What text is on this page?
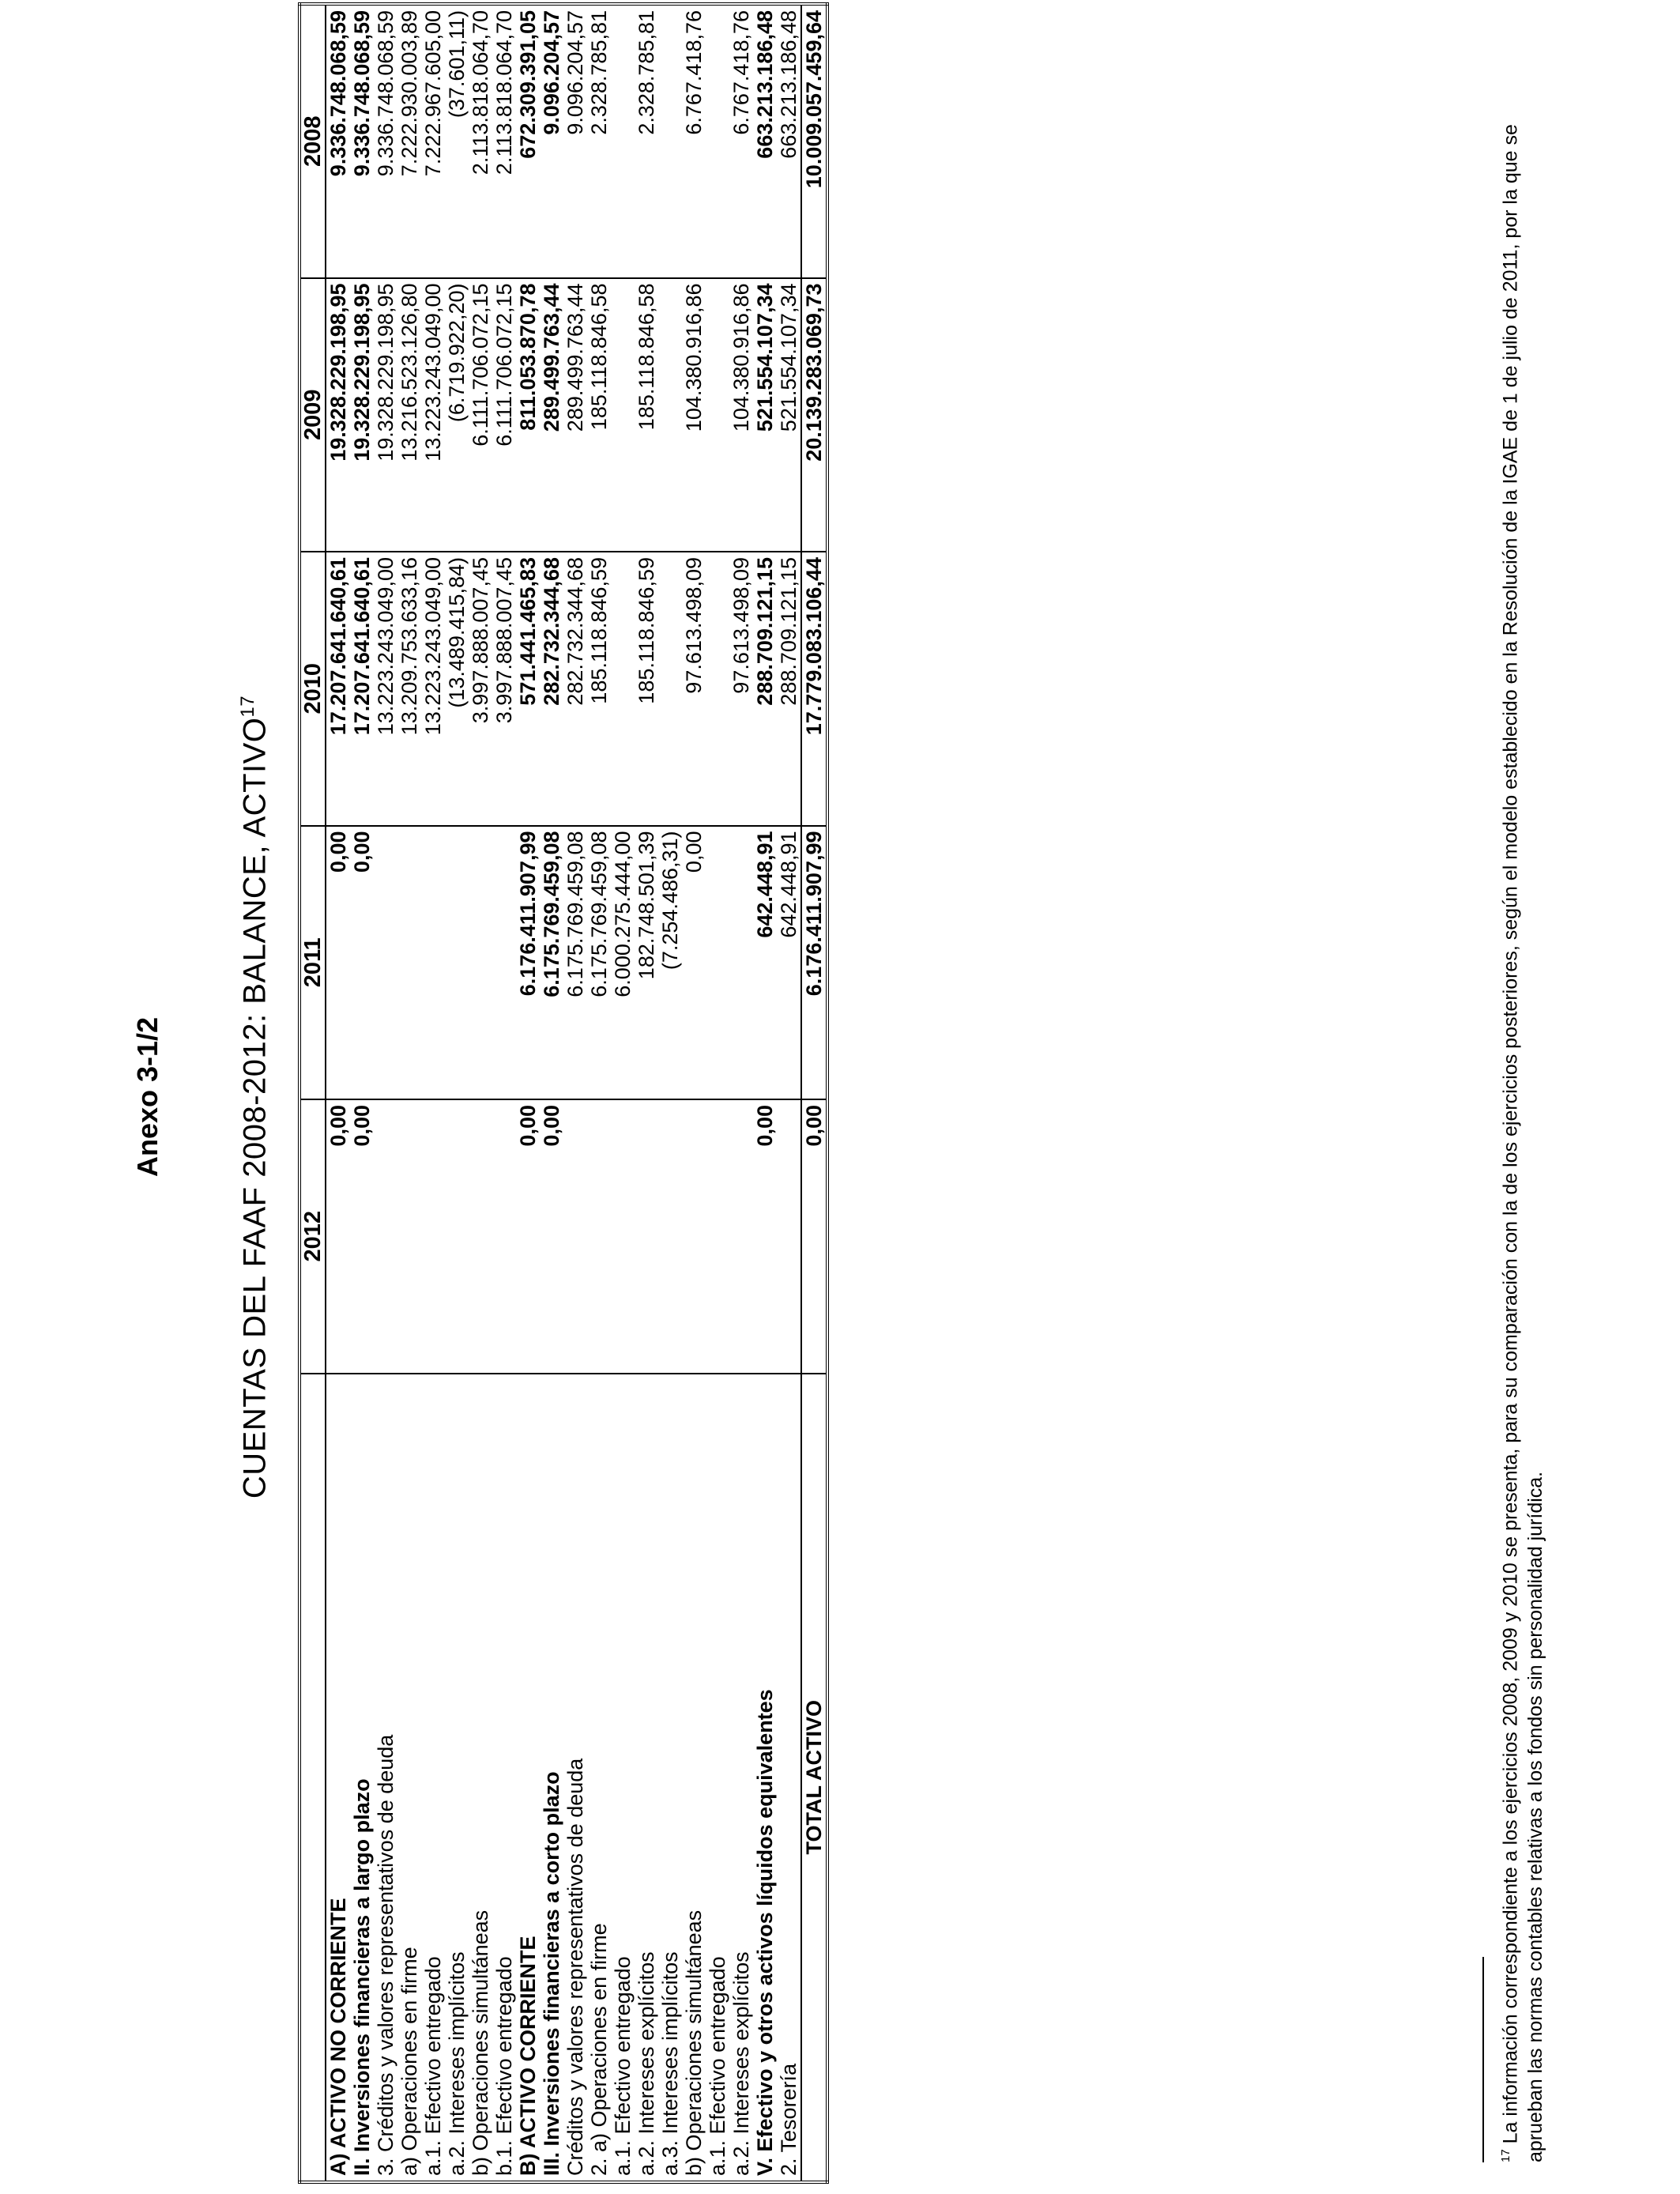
Anexo 3-1/2 CUENTAS DEL FAAF 2008-2012: BALANCE, ACTIVO$^{17}$
	2012	2011	2010	2009	2008
A) ACTIVO NO CORRIENTE	0,00	0,00	17.207.641.640,61	19.328.229.198,95	9.336.748.068,59
II. Inversiones financieras a largo plazo	0,00	0,00	17.207.641.640,61	19.328.229.198,95	9.336.748.068,59
3. Créditos y valores representativos de deuda			13.223.243.049,00	19.328.229.198,95	9.336.748.068,59
a) Operaciones en firme			13.209.753.633,16	13.216.523.126,80	7.222.930.003,89
a.1. Efectivo entregado			13.223.243.049,00	13.223.243.049,00	7.222.967.605,00
a.2. Intereses implícitos			(13.489.415,84)	(6.719.922,20)	(37.601,11)
b) Operaciones simultáneas			3.997.888.007,45	6.111.706.072,15	2.113.818.064,70
b.1. Efectivo entregado			3.997.888.007,45	6.111.706.072,15	2.113.818.064,70
B) ACTIVO CORRIENTE	0,00	6.176.411.907,99	571.441.465,83	811.053.870,78	672.309.391,05
III. Inversiones financieras a corto plazo	0,00	6.175.769.459,08	282.732.344,68	289.499.763,44	9.096.204,57
Créditos y valores representativos de deuda		6.175.769.459,08	282.732.344,68	289.499.763,44	9.096.204,57
2. a) Operaciones en firme		6.175.769.459,08	185.118.846,59	185.118.846,58	2.328.785,81
a.1. Efectivo entregado		6.000.275.444,00			
a.2. Intereses explícitos		182.748.501,39	185.118.846,59	185.118.846,58	2.328.785,81
a.3. Intereses implícitos		(7.254.486,31)			
b) Operaciones simultáneas		0,00	97.613.498,09	104.380.916,86	6.767.418,76
a.1. Efectivo entregado					
a.2. Intereses explícitos			97.613.498,09	104.380.916,86	6.767.418,76
V. Efectivo y otros activos líquidos equivalentes	0,00	642.448,91	288.709.121,15	521.554.107,34	663.213.186,48
2. Tesorería		642.448,91	288.709.121,15	521.554.107,34	663.213.186,48
TOTAL ACTIVO	0,00	6.176.411.907,99	17.779.083.106,44	20.139.283.069,73	10.009.057.459,64
$^{17}$ La información correspondiente a los ejercicios 2008, 2009 y 2010 se presenta, para su comparación con la de los ejercicios posteriores, según el modelo establecido en la Resolución de la IGAE de 1 de julio de 2011, por la que se aprueban las normas contables relativas a los fondos sin personalidad jurídica.
